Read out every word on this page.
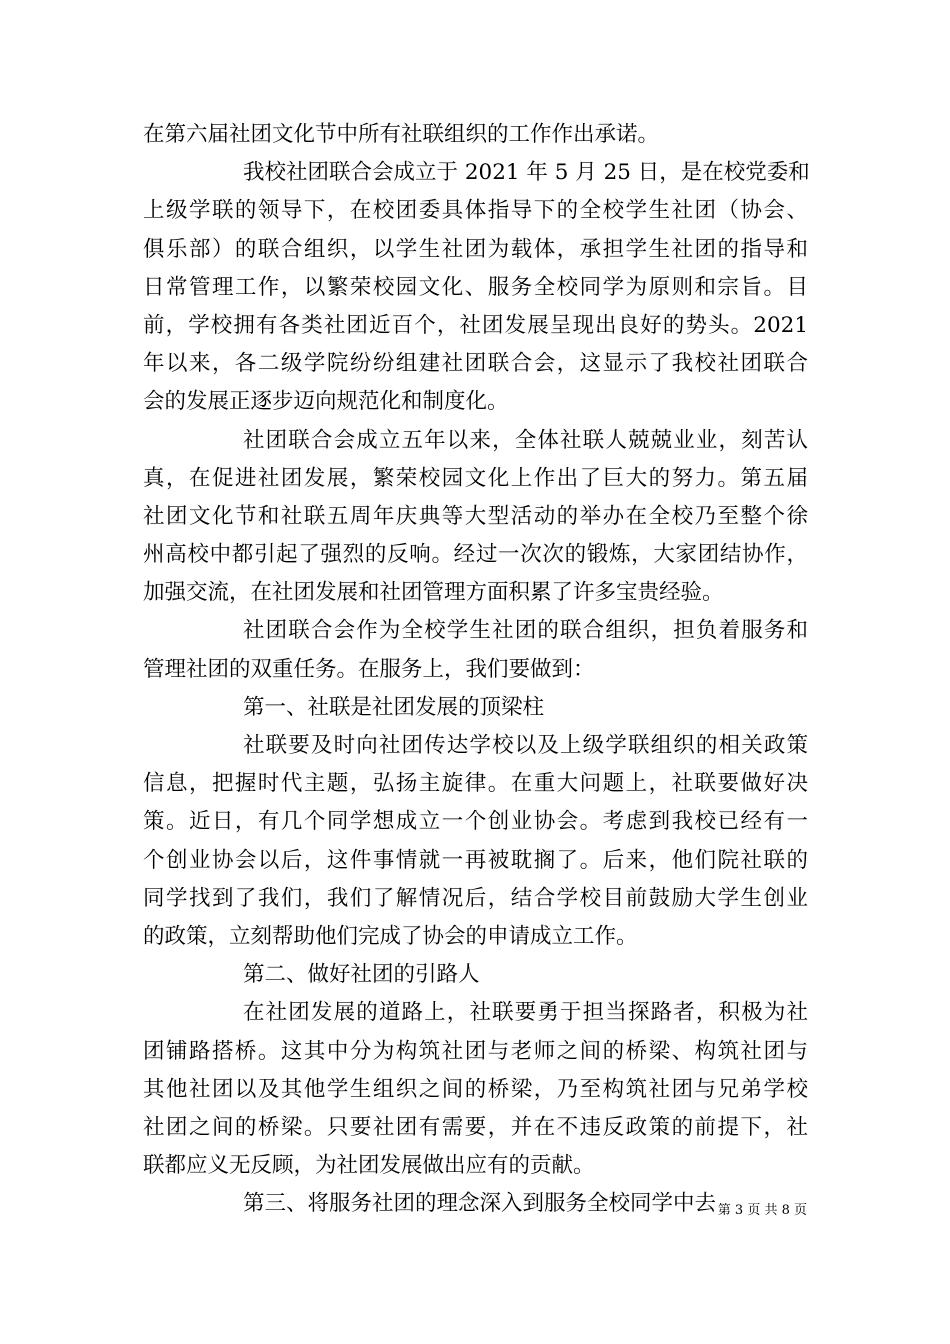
在第六届社团文化节中所有社联组织的工作作出承诺。
我校社团联合会成立于 2021 年 5 月 25 日，是在校党委和
上级学联的领导下，在校团委具体指导下的全校学生社团（协会、
俱乐部）的联合组织，以学生社团为载体，承担学生社团的指导和
日常管理工作，以繁荣校园文化、服务全校同学为原则和宗旨。目
前，学校拥有各类社团近百个，社团发展呈现出良好的势头。2021
年以来，各二级学院纷纷组建社团联合会，这显示了我校社团联合
会的发展正逐步迈向规范化和制度化。
社团联合会成立五年以来，全体社联人兢兢业业，刻苦认
真，在促进社团发展，繁荣校园文化上作出了巨大的努力。第五届
社团文化节和社联五周年庆典等大型活动的举办在全校乃至整个徐
州高校中都引起了强烈的反响。经过一次次的锻炼，大家团结协作，
加强交流，在社团发展和社团管理方面积累了许多宝贵经验。
社团联合会作为全校学生社团的联合组织，担负着服务和
管理社团的双重任务。在服务上，我们要做到：
第一、社联是社团发展的顶梁柱
社联要及时向社团传达学校以及上级学联组织的相关政策
信息，把握时代主题，弘扬主旋律。在重大问题上，社联要做好决
策。近日，有几个同学想成立一个创业协会。考虑到我校已经有一
个创业协会以后，这件事情就一再被耽搁了。后来，他们院社联的
同学找到了我们，我们了解情况后，结合学校目前鼓励大学生创业
的政策，立刻帮助他们完成了协会的申请成立工作。
第二、做好社团的引路人
在社团发展的道路上，社联要勇于担当探路者，积极为社
团铺路搭桥。这其中分为构筑社团与老师之间的桥梁、构筑社团与
其他社团以及其他学生组织之间的桥梁，乃至构筑社团与兄弟学校
社团之间的桥梁。只要社团有需要，并在不违反政策的前提下，社
联都应义无反顾，为社团发展做出应有的贡献。
第三、将服务社团的理念深入到服务全校同学中去 第 3 页 共 8 页
